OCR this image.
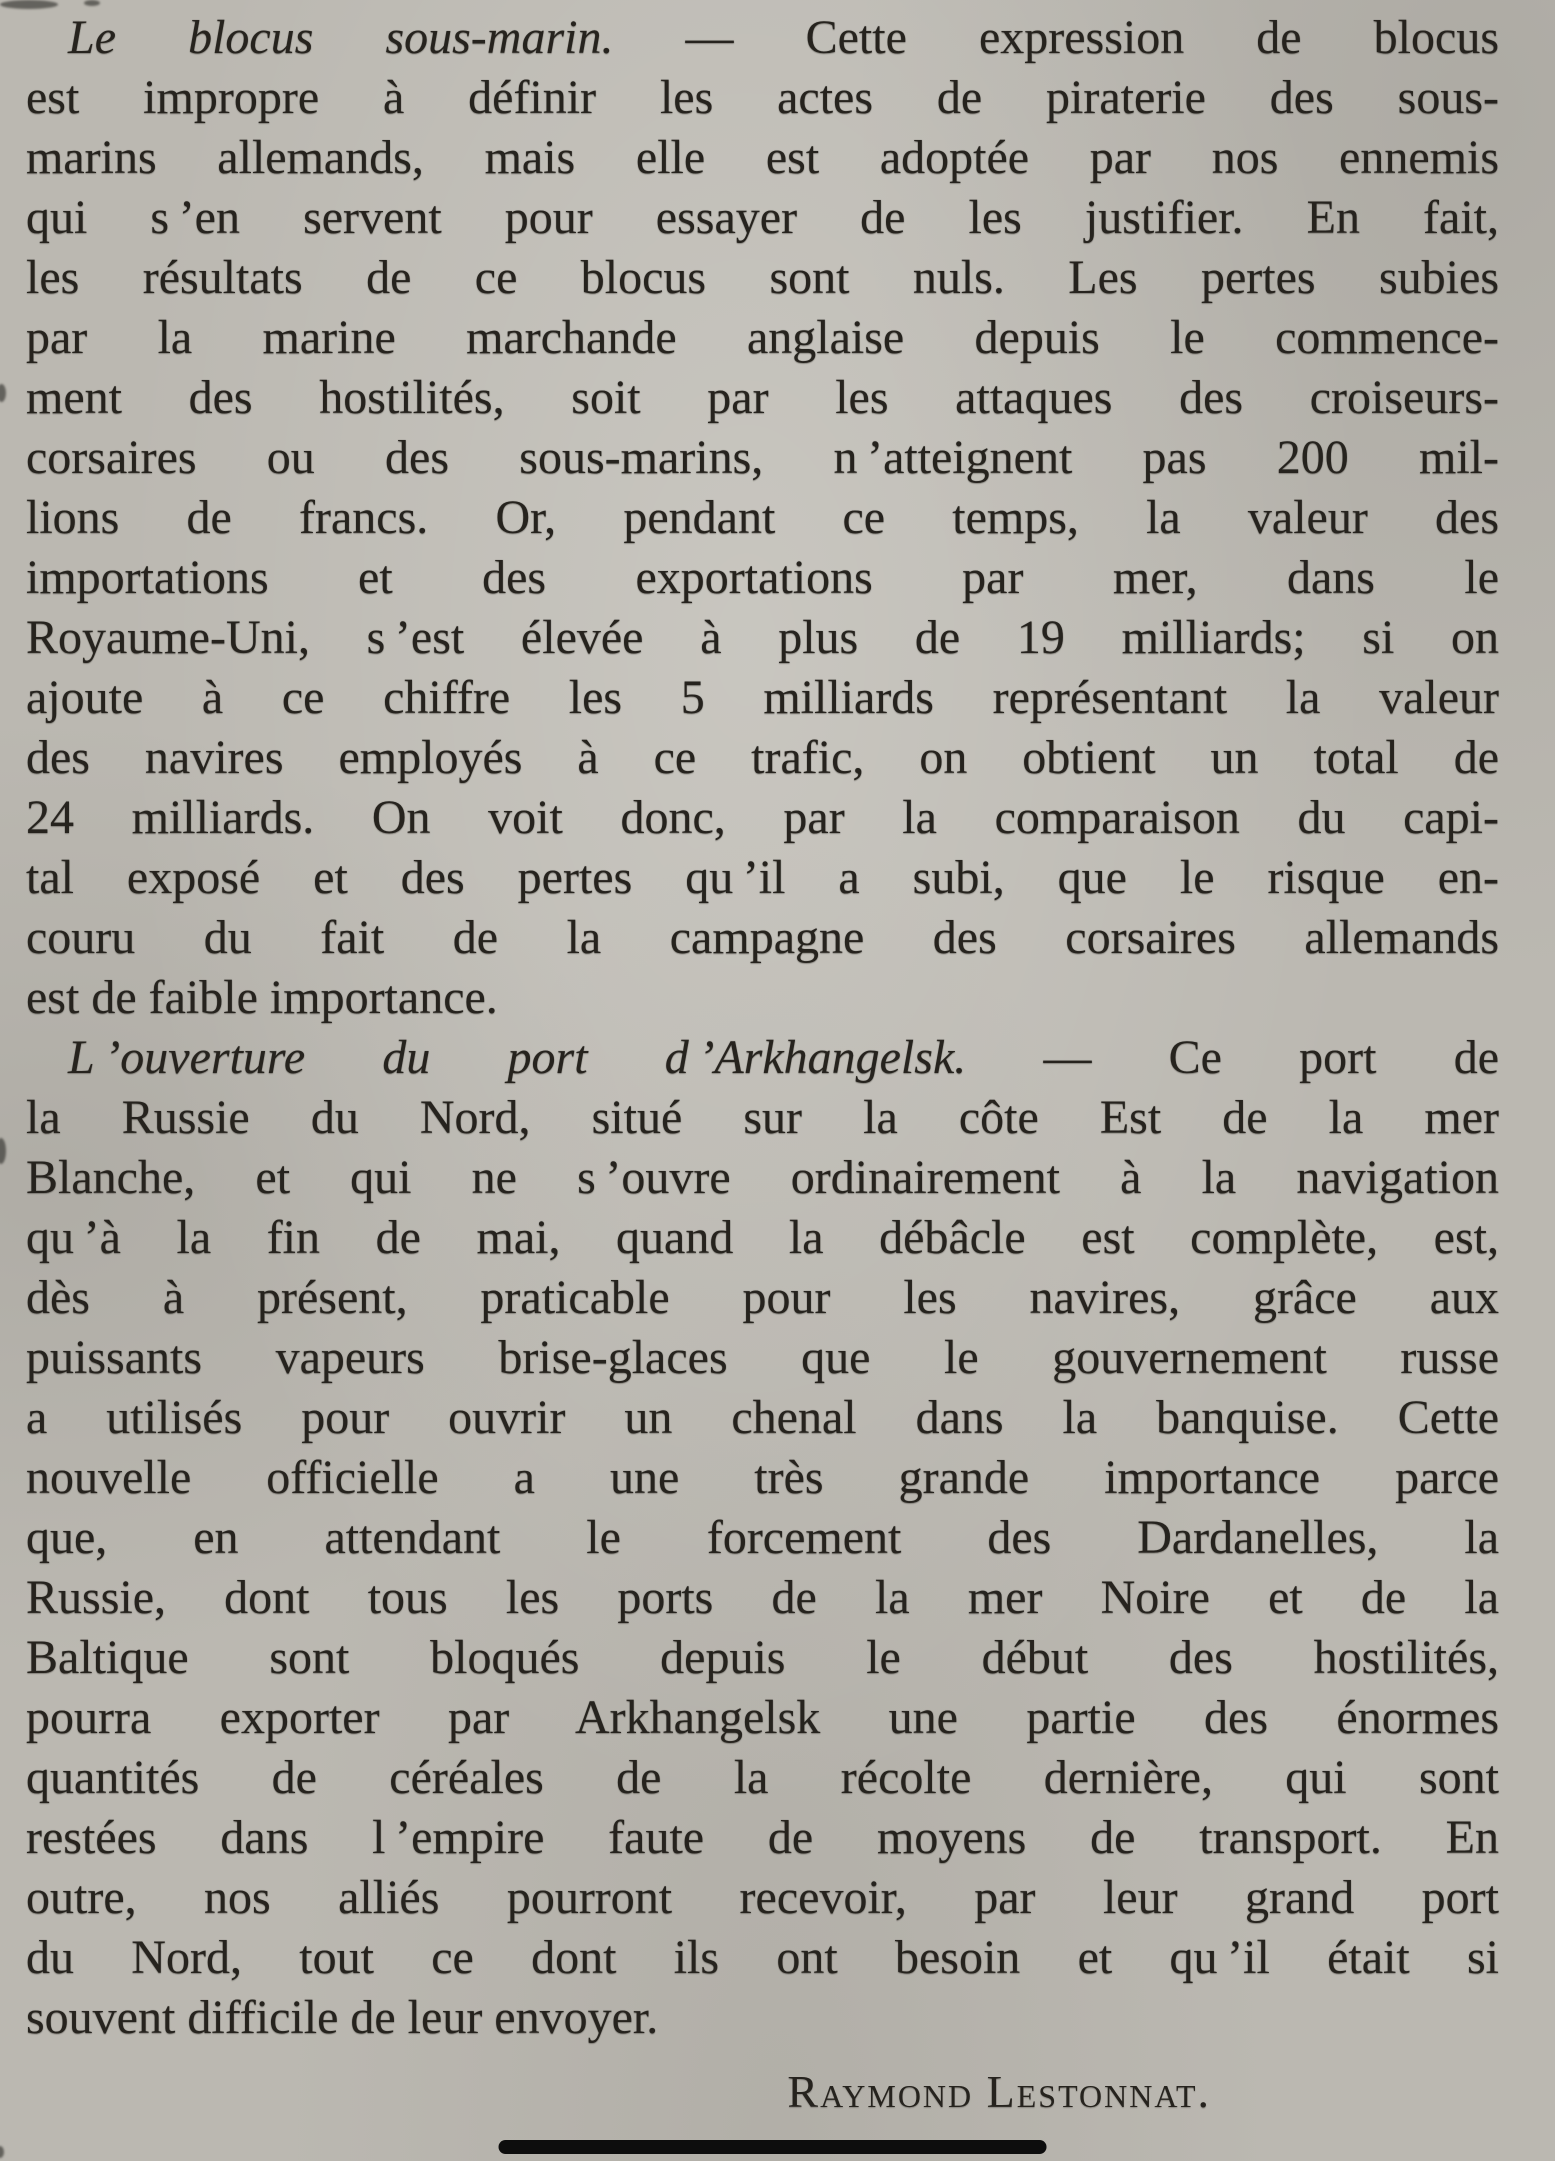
Le blocus sous-marin. — Cette expression de blocus
est impropre à définir les actes de piraterie des sous-
marins allemands, mais elle est adoptée par nos ennemis
qui s ’en servent pour essayer de les justifier. En fait,
les résultats de ce blocus sont nuls. Les pertes subies
par la marine marchande anglaise depuis le commence-
ment des hostilités, soit par les attaques des croiseurs-
corsaires ou des sous-marins, n ’atteignent pas 200 mil-
lions de francs. Or, pendant ce temps, la valeur des
importations et des exportations par mer, dans le
Royaume-Uni, s ’est élevée à plus de 19 milliards; si on
ajoute à ce chiffre les 5 milliards représentant la valeur
des navires employés à ce trafic, on obtient un total de
24 milliards. On voit donc, par la comparaison du capi-
tal exposé et des pertes qu ’il a subi, que le risque en-
couru du fait de la campagne des corsaires allemands
est de faible importance.
L ’ouverture du port d ’Arkhangelsk. — Ce port de
la Russie du Nord, situé sur la côte Est de la mer
Blanche, et qui ne s ’ouvre ordinairement à la navigation
qu ’à la fin de mai, quand la débâcle est complète, est,
dès à présent, praticable pour les navires, grâce aux
puissants vapeurs brise-glaces que le gouvernement russe
a utilisés pour ouvrir un chenal dans la banquise. Cette
nouvelle officielle a une très grande importance parce
que, en attendant le forcement des Dardanelles, la
Russie, dont tous les ports de la mer Noire et de la
Baltique sont bloqués depuis le début des hostilités,
pourra exporter par Arkhangelsk une partie des énormes
quantités de céréales de la récolte dernière, qui sont
restées dans l ’empire faute de moyens de transport. En
outre, nos alliés pourront recevoir, par leur grand port
du Nord, tout ce dont ils ont besoin et qu ’il était si
souvent difficile de leur envoyer.
Raymond Lestonnat.
